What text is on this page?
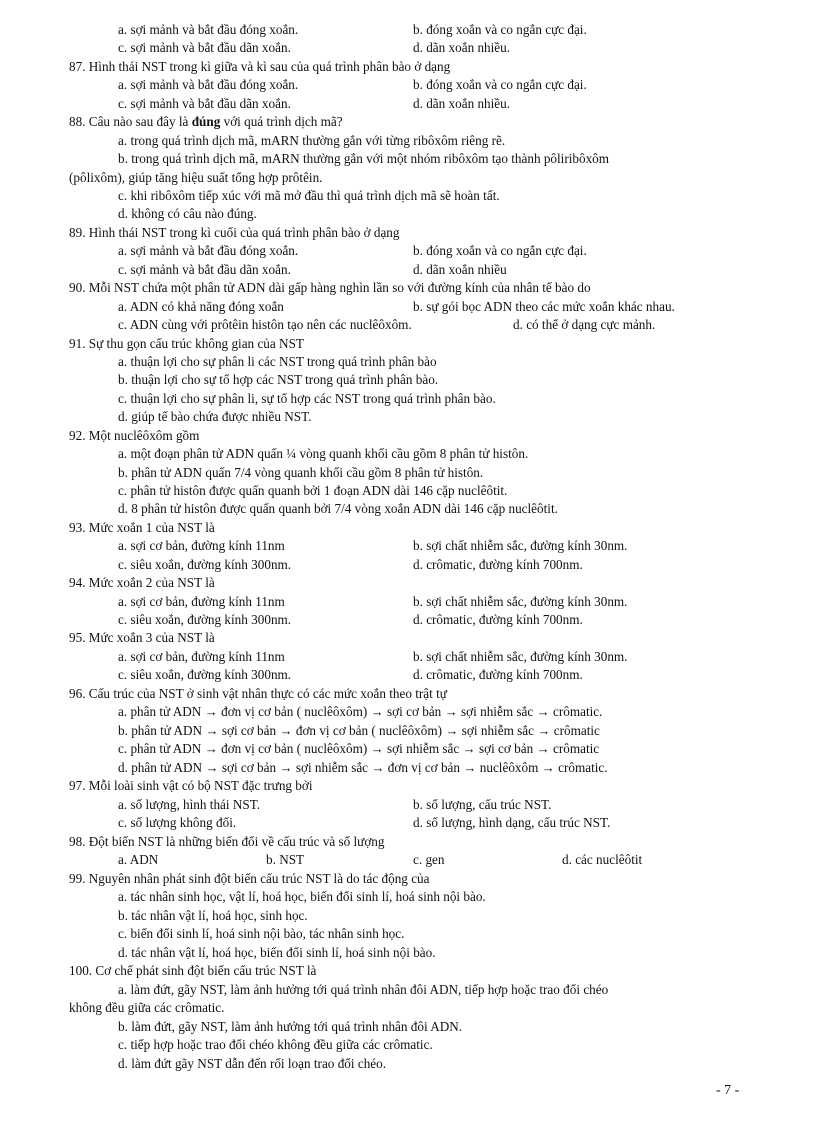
a. sợi mảnh và bắt đầu đóng xoắn.	b. đóng xoắn và co ngắn cực đại.
c. sợi mảnh và bắt đầu dãn xoắn.	d. dãn xoắn nhiều.
87. Hình thái NST trong kì giữa và kì sau của quá trình phân bào ở dạng
a. sợi mảnh và bắt đầu đóng xoắn.	b. đóng xoắn và co ngắn cực đại.
c. sợi mảnh và bắt đầu dãn xoắn.	d. dãn xoắn nhiều.
88. Câu nào sau đây là đúng với quá trình dịch mã?
a. trong quá trình dịch mã, mARN thường gắn với từng ribôxôm riêng rẽ.
b. trong quá trình dịch mã, mARN thường gắn với một nhóm ribôxôm tạo thành pôliribôxôm
(pôlixôm), giúp tăng hiệu suất tổng hợp prôtêin.
c. khi ribôxôm tiếp xúc với mã mở đầu thì quá trình dịch mã sẽ hoàn tất.
d. không có câu nào đúng.
89. Hình thái NST trong kì cuối của quá trình phân bào ở dạng
a. sợi mảnh và bắt đầu đóng xoắn.	b. đóng xoắn và co ngắn cực đại.
c. sợi mảnh và bắt đầu dãn xoắn.	d. dãn xoắn nhiều
90. Mỗi NST chứa một phân tử ADN dài gấp hàng nghìn lần so với đường kính của nhân tế bào do
a. ADN có khả năng đóng xoắn	b. sự gói bọc ADN theo các mức xoắn khác nhau.
c. ADN cùng với prôtêin histôn tạo nên các nuclêôxôm.	d. có thể ở dạng cực mảnh.
91. Sự thu gọn cấu trúc không gian của NST
a. thuận lợi cho sự phân li các NST trong quá trình phân bào
b. thuận lợi cho sự tổ hợp các NST trong quá trình phân bào.
c. thuận lợi cho sự phân li, sự tổ hợp các NST trong quá trình phân bào.
d. giúp tế bào chứa được nhiều NST.
92. Một nuclêôxôm gồm
a. một đoạn phân tử ADN quấn ¼ vòng quanh khối cầu gồm 8 phân tử histôn.
b. phân tử ADN quấn 7/4 vòng quanh khối cầu gồm 8 phân tử histôn.
c. phân tử histôn được quấn quanh bởi 1 đoạn ADN dài 146 cặp nuclêôtit.
d. 8 phân tử histôn được quấn quanh bởi 7/4 vòng xoắn ADN dài 146 cặp nuclêôtit.
93. Mức xoắn 1 của NST là
a. sợi cơ bản, đường kính 11nm	b. sợi chất nhiễm sắc, đường kính 30nm.
c. siêu xoắn, đường kính 300nm.	d. crômatic, đường kính 700nm.
94. Mức xoắn 2 của NST là
a. sợi cơ bản, đường kính 11nm	b. sợi chất nhiễm sắc, đường kính 30nm.
c. siêu xoắn, đường kính 300nm.	d. crômatic, đường kính 700nm.
95. Mức xoắn 3 của NST là
a. sợi cơ bản, đường kính 11nm	b. sợi chất nhiễm sắc, đường kính 30nm.
c. siêu xoắn, đường kính 300nm.	d. crômatic, đường kính 700nm.
96. Cấu trúc của NST ở sinh vật nhân thực có các mức xoắn theo trật tự
a. phân tử ADN → đơn vị cơ bản ( nuclêôxôm) → sợi cơ bản → sợi nhiễm sắc → crômatic.
b. phân tử ADN → sợi cơ bản → đơn vị cơ bản ( nuclêôxôm) → sợi nhiễm sắc → crômatic
c. phân tử ADN → đơn vị cơ bản ( nuclêôxôm) → sợi nhiễm sắc → sợi cơ bản → crômatic
d. phân tử ADN → sợi cơ bản → sợi nhiễm sắc → đơn vị cơ bản → nuclêôxôm → crômatic.
97. Mỗi loài sinh vật có bộ NST đặc trưng bởi
a. số lượng, hình thái NST.	b. số lượng, cấu trúc NST.
c. số lượng không đổi.	d. số lượng, hình dạng, cấu trúc NST.
98. Đột biến NST là những biến đổi về cấu trúc và số lượng
a. ADN	b. NST	c. gen	d. các nuclêôtit
99. Nguyên nhân phát sinh đột biến cấu trúc NST là do tác động của
a. tác nhân sinh học, vật lí, hoá học, biến đổi sinh lí, hoá sinh nội bào.
b. tác nhân vật lí, hoá học, sinh học.
c. biến đổi sinh lí, hoá sinh nội bào, tác nhân sinh học.
d. tác nhân vật lí, hoá học, biến đổi sinh lí, hoá sinh nội bào.
100. Cơ chế phát sinh đột biến cấu trúc NST là
a. làm đứt, gãy NST, làm ảnh hưởng tới quá trình nhân đôi ADN, tiếp hợp hoặc trao đổi chéo
không đều giữa các crômatic.
b. làm đứt, gãy NST, làm ảnh hưởng tới quá trình nhân đôi ADN.
c. tiếp hợp hoặc trao đổi chéo không đều giữa các crômatic.
d. làm đứt gãy NST dẫn đến rối loạn trao đổi chéo.
- 7 -
